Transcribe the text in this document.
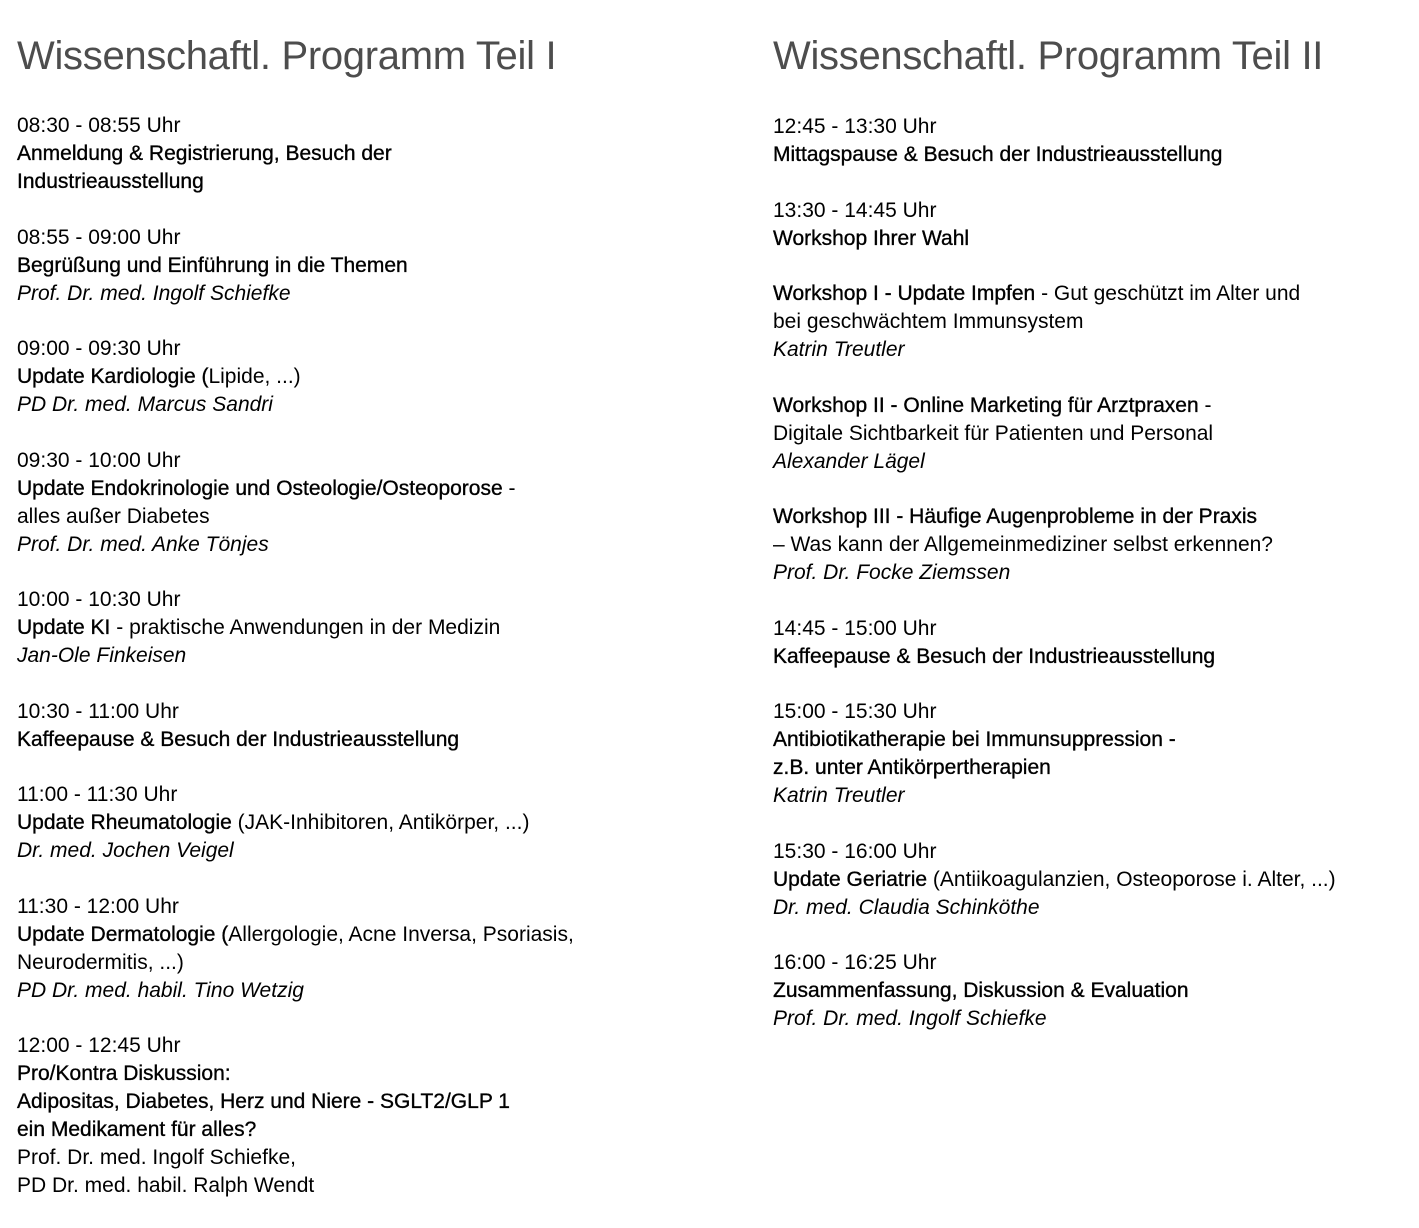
Wissenschaftl. Programm Teil I
08:30 - 08:55 Uhr
Anmeldung & Registrierung, Besuch der
Industrieausstellung
08:55 - 09:00 Uhr
Begrüßung und Einführung in die Themen
Prof. Dr. med. Ingolf Schiefke
09:00 - 09:30 Uhr
Update Kardiologie (Lipide, ...)
PD Dr. med. Marcus Sandri
09:30 - 10:00 Uhr
Update Endokrinologie und Osteologie/Osteoporose -
alles außer Diabetes
Prof. Dr. med. Anke Tönjes
10:00 - 10:30 Uhr
Update KI - praktische Anwendungen in der Medizin
Jan-Ole Finkeisen
10:30 - 11:00 Uhr
Kaffeepause & Besuch der Industrieausstellung
11:00 - 11:30 Uhr
Update Rheumatologie (JAK-Inhibitoren, Antikörper, ...)
Dr. med. Jochen Veigel
11:30 - 12:00 Uhr
Update Dermatologie (Allergologie, Acne Inversa, Psoriasis,
Neurodermitis, ...)
PD Dr. med. habil. Tino Wetzig
12:00 - 12:45 Uhr
Pro/Kontra Diskussion:
Adipositas, Diabetes, Herz und Niere - SGLT2/GLP 1
ein Medikament für alles?
Prof. Dr. med. Ingolf Schiefke,
PD Dr. med. habil. Ralph Wendt
Wissenschaftl. Programm Teil II
12:45 - 13:30 Uhr
Mittagspause & Besuch der Industrieausstellung
13:30 - 14:45 Uhr
Workshop Ihrer Wahl
Workshop I - Update Impfen - Gut geschützt im Alter und
bei geschwächtem Immunsystem
Katrin Treutler
Workshop II - Online Marketing für Arztpraxen -
Digitale Sichtbarkeit für Patienten und Personal
Alexander Lägel
Workshop III - Häufige Augenprobleme in der Praxis
– Was kann der Allgemeinmediziner selbst erkennen?
Prof. Dr. Focke Ziemssen
14:45 - 15:00 Uhr
Kaffeepause & Besuch der Industrieausstellung
15:00 - 15:30 Uhr
Antibiotikatherapie bei Immunsuppression -
z.B. unter Antikörpertherapien
Katrin Treutler
15:30 - 16:00 Uhr
Update Geriatrie (Antiikoagulanzien, Osteoporose i. Alter, ...)
Dr. med. Claudia Schinköthe
16:00 - 16:25 Uhr
Zusammenfassung, Diskussion & Evaluation
Prof. Dr. med. Ingolf Schiefke
